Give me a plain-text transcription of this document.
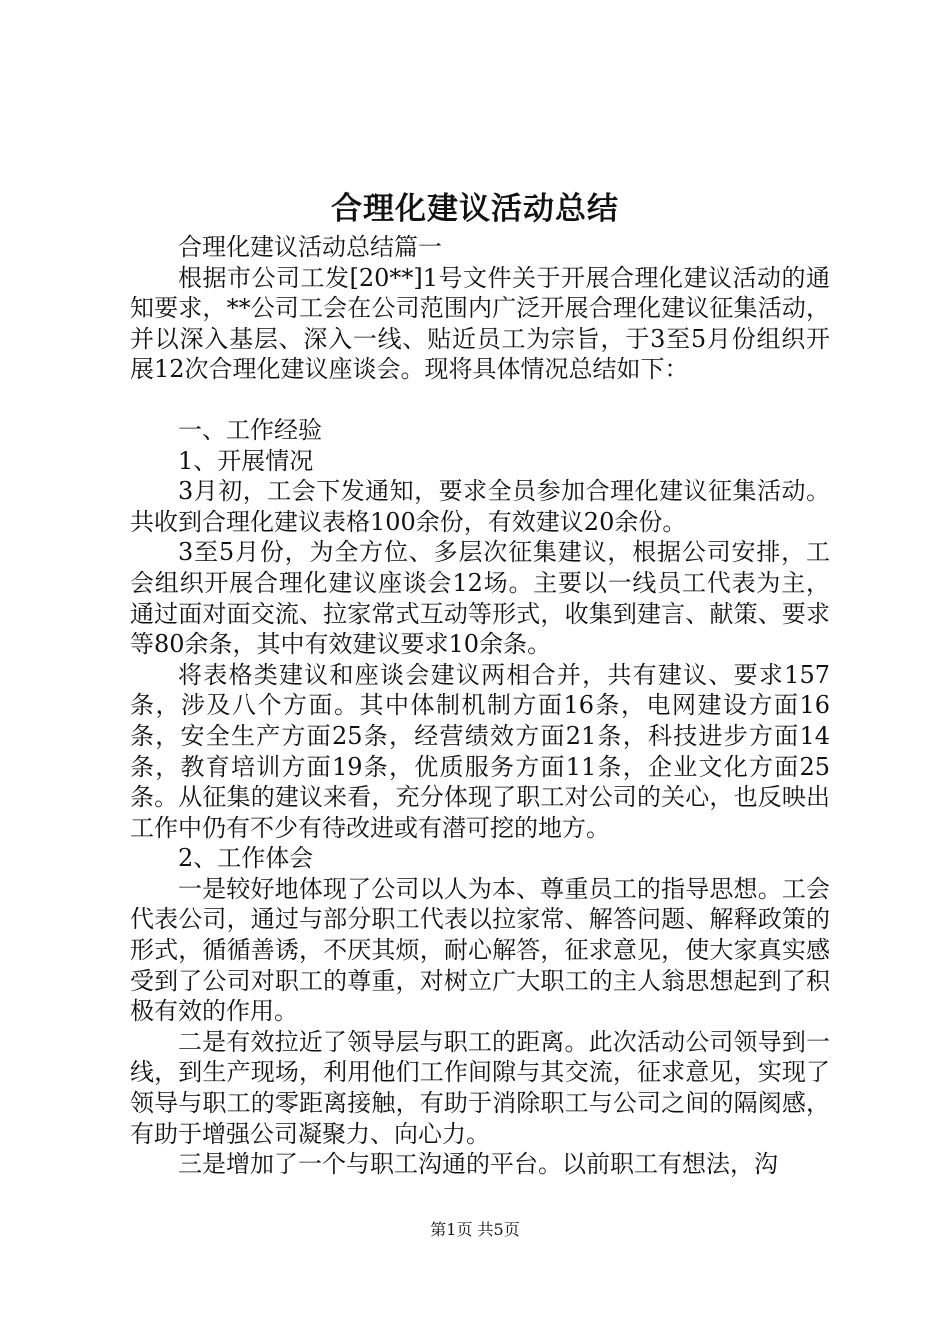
合理化建议活动总结

合理化建议活动总结篇一

根据市公司工发[20**]1号文件关于开展合理化建议活动的通知要求，**公司工会在公司范围内广泛开展合理化建议征集活动，并以深入基层、深入一线、贴近员工为宗旨，于3至5月份组织开展12次合理化建议座谈会。现将具体情况总结如下：

一、工作经验

1、开展情况

3月初，工会下发通知，要求全员参加合理化建议征集活动。共收到合理化建议表格100余份，有效建议20余份。

3至5月份，为全方位、多层次征集建议，根据公司安排，工会组织开展合理化建议座谈会12场。主要以一线员工代表为主，通过面对面交流、拉家常式互动等形式，收集到建言、献策、要求等80余条，其中有效建议要求10余条。

将表格类建议和座谈会建议两相合并，共有建议、要求157条，涉及八个方面。其中体制机制方面16条，电网建设方面16条，安全生产方面25条，经营绩效方面21条，科技进步方面14条，教育培训方面19条，优质服务方面11条，企业文化方面25条。从征集的建议来看，充分体现了职工对公司的关心，也反映出工作中仍有不少有待改进或有潜可挖的地方。

2、工作体会

一是较好地体现了公司以人为本、尊重员工的指导思想。工会代表公司，通过与部分职工代表以拉家常、解答问题、解释政策的形式，循循善诱，不厌其烦，耐心解答，征求意见，使大家真实感受到了公司对职工的尊重，对树立广大职工的主人翁思想起到了积极有效的作用。

二是有效拉近了领导层与职工的距离。此次活动公司领导到一线，到生产现场，利用他们工作间隙与其交流，征求意见，实现了领导与职工的零距离接触，有助于消除职工与公司之间的隔阂感，有助于增强公司凝聚力、向心力。

三是增加了一个与职工沟通的平台。以前职工有想法，沟

第1页 共5页
